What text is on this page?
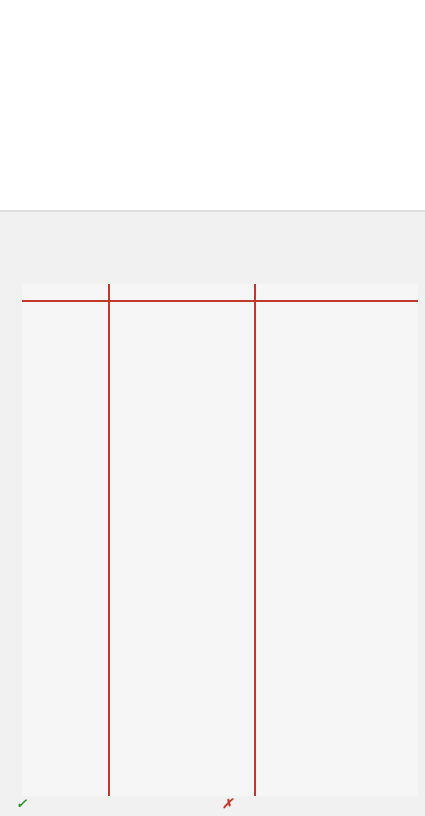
✓	✗
